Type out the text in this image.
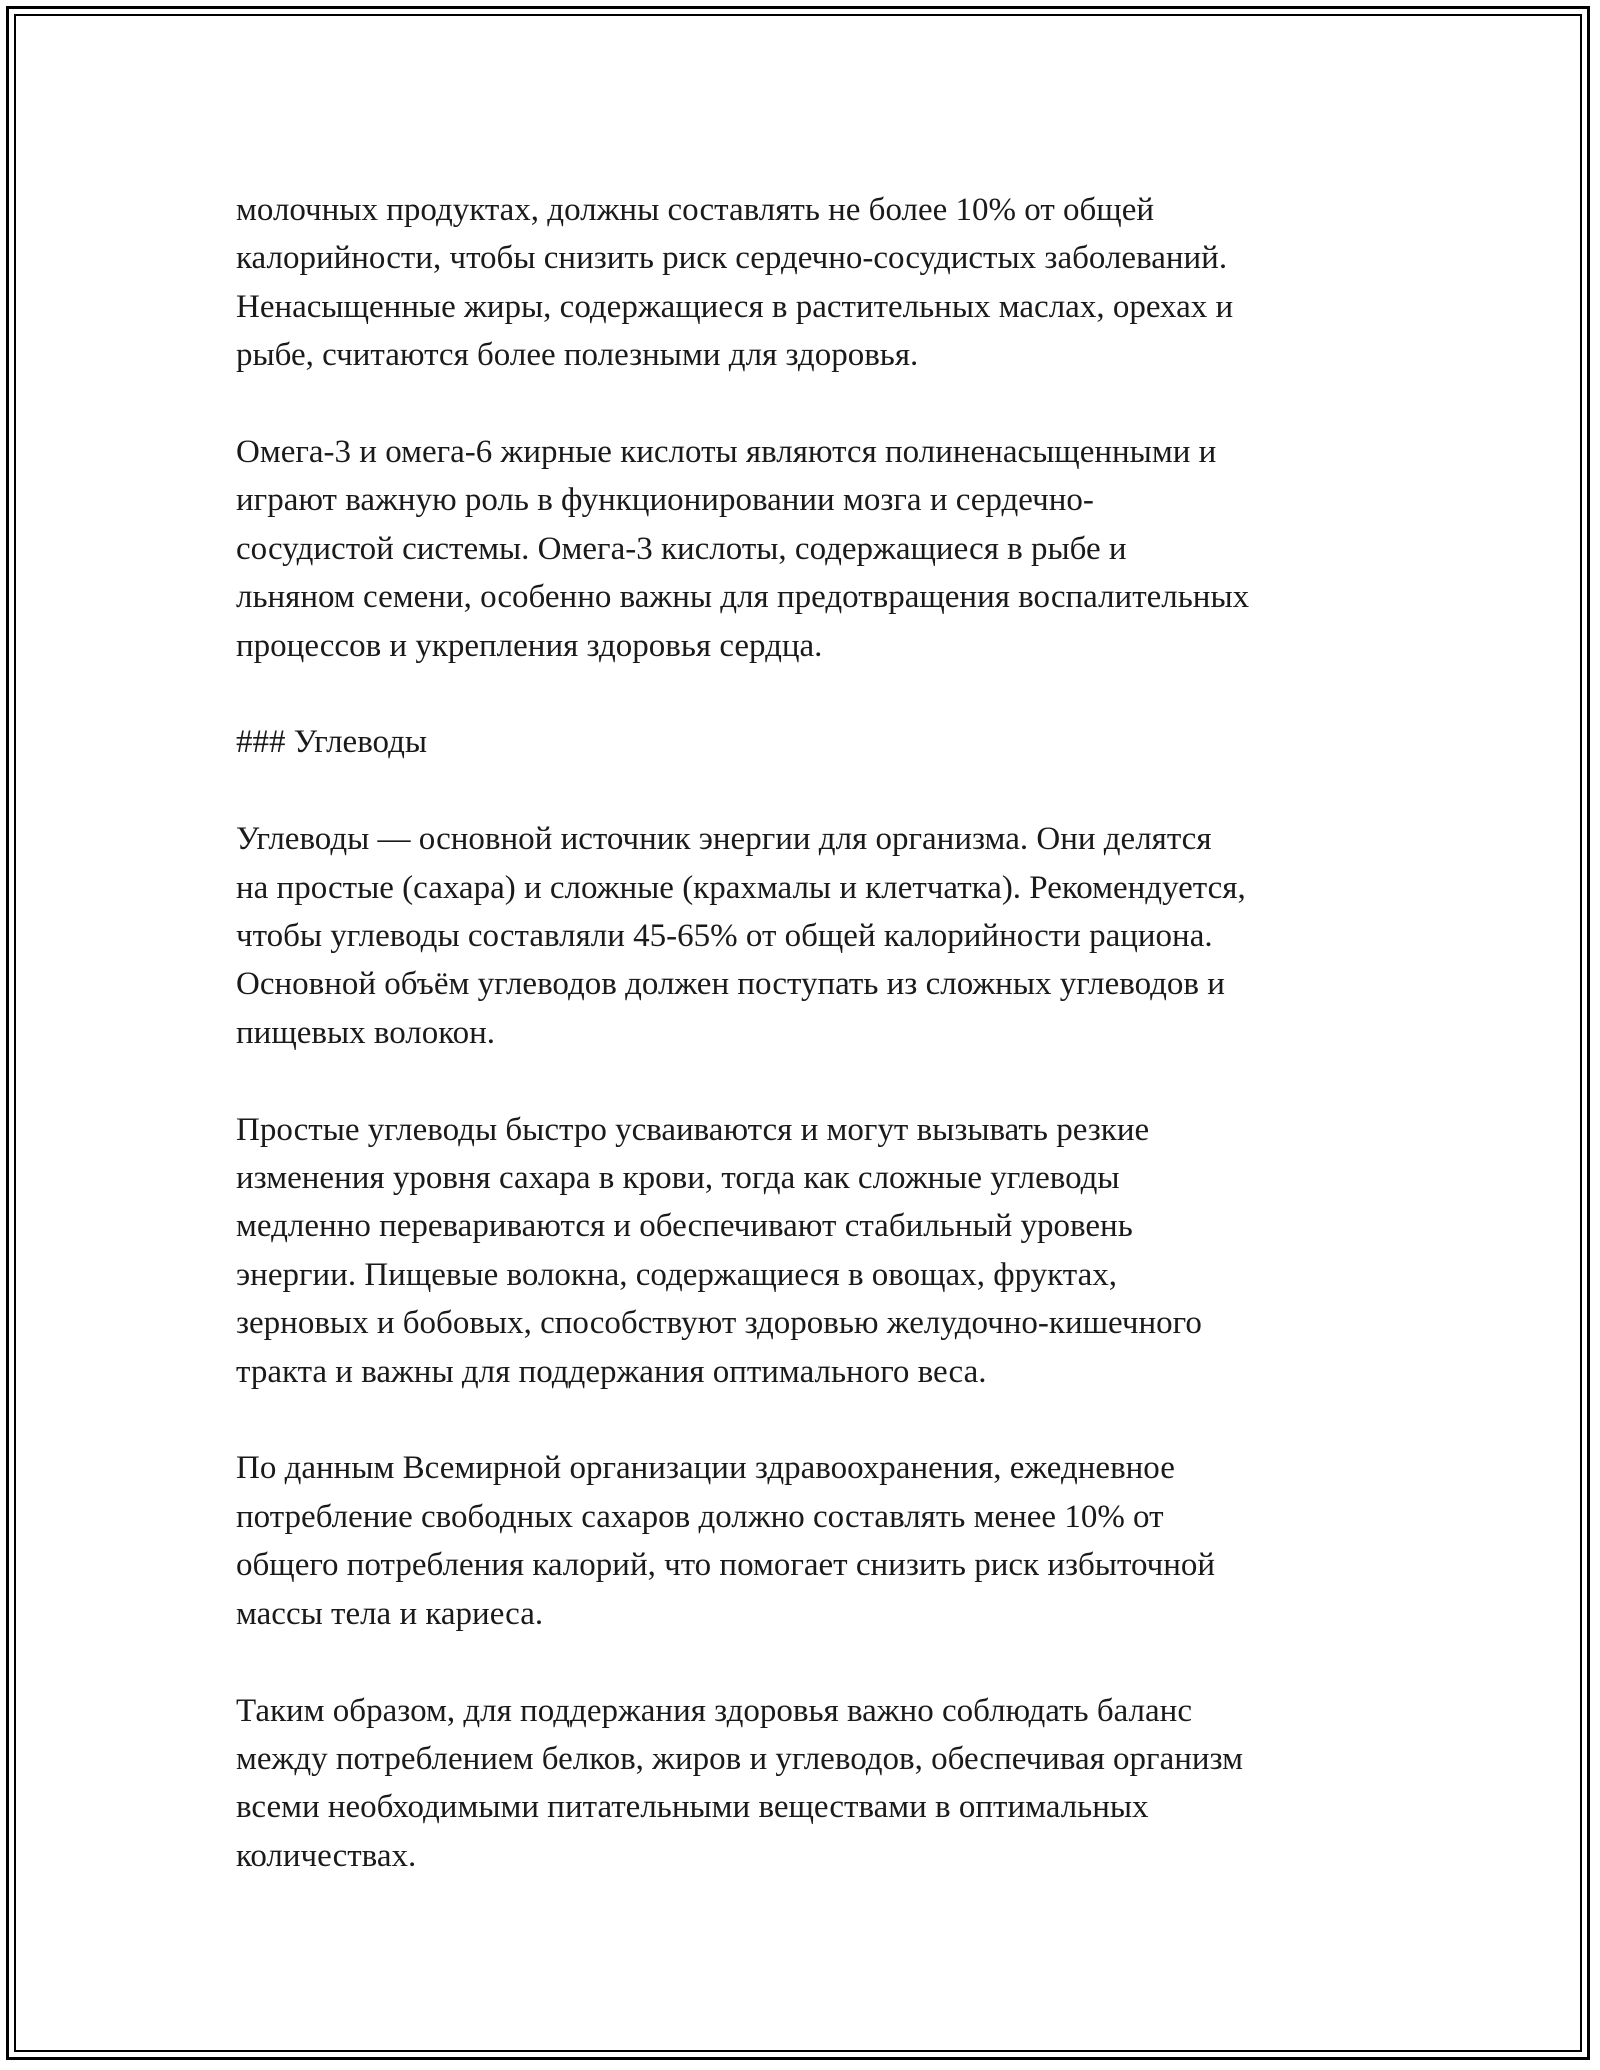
молочных продуктах, должны составлять не более 10% от общей
калорийности, чтобы снизить риск сердечно-сосудистых заболеваний.
Ненасыщенные жиры, содержащиеся в растительных маслах, орехах и
рыбе, считаются более полезными для здоровья.

Омега-3 и омега-6 жирные кислоты являются полиненасыщенными и
играют важную роль в функционировании мозга и сердечно-
сосудистой системы. Омега-3 кислоты, содержащиеся в рыбе и
льняном семени, особенно важны для предотвращения воспалительных
процессов и укрепления здоровья сердца.

### Углеводы

Углеводы — основной источник энергии для организма. Они делятся
на простые (сахара) и сложные (крахмалы и клетчатка). Рекомендуется,
чтобы углеводы составляли 45-65% от общей калорийности рациона.
Основной объём углеводов должен поступать из сложных углеводов и
пищевых волокон.

Простые углеводы быстро усваиваются и могут вызывать резкие
изменения уровня сахара в крови, тогда как сложные углеводы
медленно перевариваются и обеспечивают стабильный уровень
энергии. Пищевые волокна, содержащиеся в овощах, фруктах,
зерновых и бобовых, способствуют здоровью желудочно-кишечного
тракта и важны для поддержания оптимального веса.

По данным Всемирной организации здравоохранения, ежедневное
потребление свободных сахаров должно составлять менее 10% от
общего потребления калорий, что помогает снизить риск избыточной
массы тела и кариеса.

Таким образом, для поддержания здоровья важно соблюдать баланс
между потреблением белков, жиров и углеводов, обеспечивая организм
всеми необходимыми питательными веществами в оптимальных
количествах.
